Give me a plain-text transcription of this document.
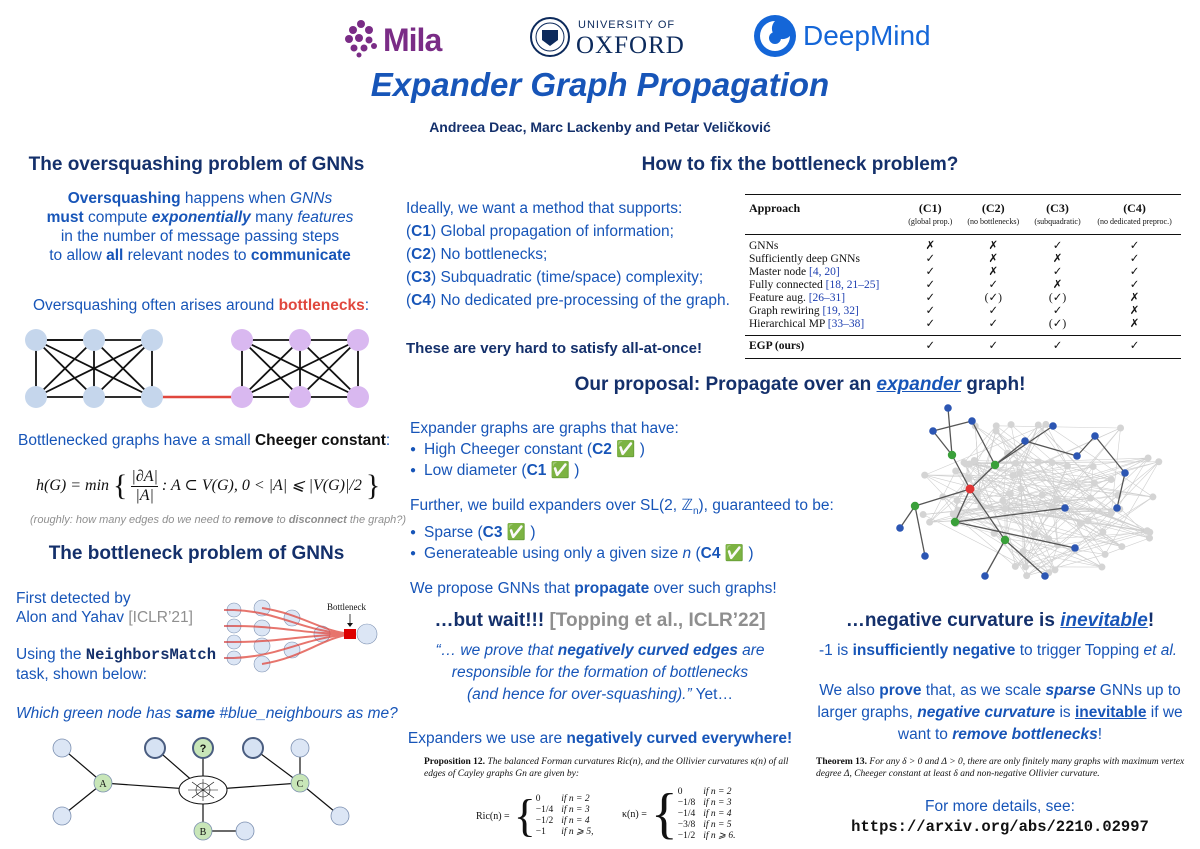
Mila	UNIVERSITY OF
OXFORD	DeepMind
Expander Graph Propagation
Andreea Deac, Marc Lackenby and Petar Veličković
The oversquashing problem of GNNs
Oversquashing happens when GNNs
must compute exponentially many features
in the number of message passing steps
to allow all relevant nodes to communicate
Oversquashing often arises around bottlenecks:
Bottlenecked graphs have a small Cheeger constant:
h(G) = min { $\frac{|\partial A|}{|A|}$ : A ⊂ V(G), 0 < |A| ⩽ |V(G)|/2 }
(roughly: how many edges do we need to remove to disconnect the graph?)
The bottleneck problem of GNNs
First detected by
Alon and Yahav [ICLR’21]
Using the NeighborsMatch
task, shown below:
Bottleneck
Which green node has same #blue_neighbours as me?
?
A
B
C
How to fix the bottleneck problem?
Ideally, we want a method that supports:
(C1) Global propagation of information;
(C2) No bottlenecks;
(C3) Subquadratic (time/space) complexity;
(C4) No dedicated pre-processing of the graph.
These are very hard to satisfy all-at-once!
Approach	(C1)	(C2)	(C3)	(C4)
	(global prop.)	(no bottlenecks)	(subquadratic)	(no dedicated preproc.)
GNNs	✗	✗	✓	✓
Sufficiently deep GNNs	✓	✗	✗	✓
Master node [4, 20]	✓	✗	✓	✓
Fully connected [18, 21–25]	✓	✓	✗	✓
Feature aug. [26–31]	✓	(✓)	(✓)	✗
Graph rewiring [19, 32]	✓	✓	✓	✗
Hierarchical MP [33–38]	✓	✓	(✓)	✗
EGP (ours)	✓	✓	✓	✓
Our proposal: Propagate over an expander graph!
Expander graphs are graphs that have:
● High Cheeger constant (C2 ✅ )
● Low diameter (C1 ✅ )
Further, we build expanders over SL(2, ℤ$_n$), guaranteed to be:
● Sparse (C3 ✅ )
● Generateable using only a given size n (C4 ✅ )
We propose GNNs that propagate over such graphs!
…but wait!!! [Topping et al., ICLR’22]
“… we prove that negatively curved edges are
responsible for the formation of bottlenecks
(and hence for over-squashing).” Yet…
Expanders we use are negatively curved everywhere!
Proposition 12. The balanced Forman curvatures Ric(n), and the Ollivier curvatures κ(n) of all edges of Cayley graphs Gn are given by:
Ric(n) = { 0	if n = 2
−1/4	if n = 3
−1/2	if n = 4
−1	if n ⩾ 5,
κ(n) = { 0	if n = 2
−1/8	if n = 3
−1/4	if n = 4
−3/8	if n = 5
−1/2	if n ⩾ 6.
…negative curvature is inevitable!
-1 is insufficiently negative to trigger Topping et al.
We also prove that, as we scale sparse GNNs up to
larger graphs, negative curvature is inevitable if we
want to remove bottlenecks!
Theorem 13. For any δ > 0 and Δ > 0, there are only finitely many graphs with maximum vertex degree Δ, Cheeger constant at least δ and non-negative Ollivier curvature.
For more details, see:
https://arxiv.org/abs/2210.02997
